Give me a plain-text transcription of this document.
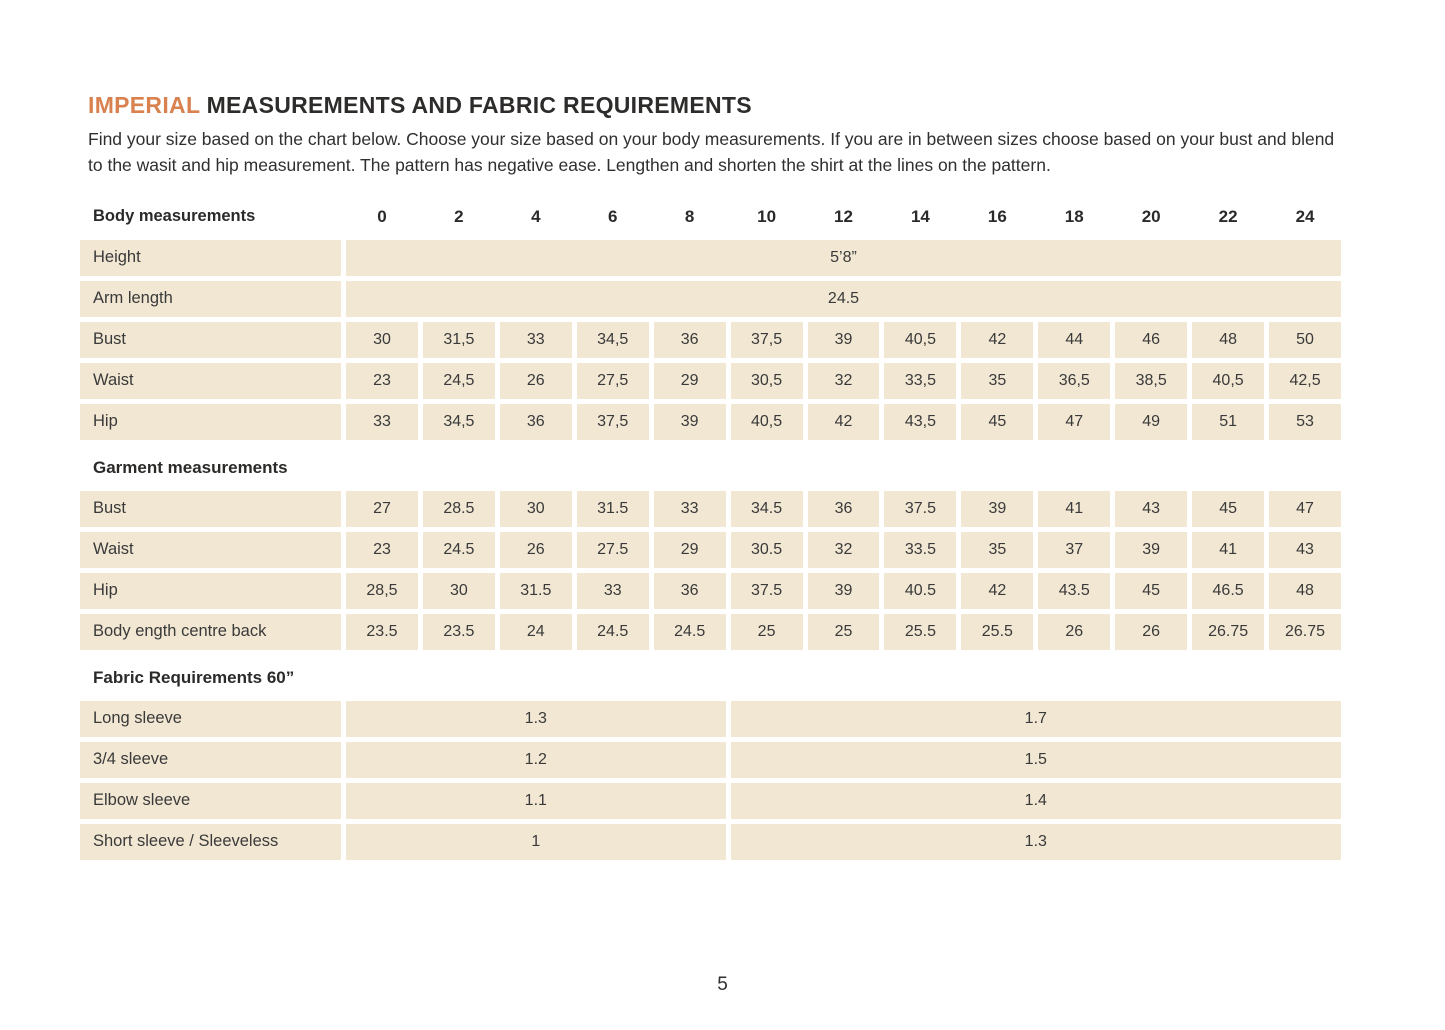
IMPERIAL MEASUREMENTS AND FABRIC REQUIREMENTS

Find your size based on the chart below. Choose your size based on your body measurements. If you are in between sizes choose based on your bust and blend to the wasit and hip measurement. The pattern has negative ease. Lengthen and shorten the shirt at the lines on the pattern.

Body measurements	0	2	4	6	8	10	12	14	16	18	20	22	24
Height	5’8”
Arm length	24.5
Bust	30	31,5	33	34,5	36	37,5	39	40,5	42	44	46	48	50
Waist	23	24,5	26	27,5	29	30,5	32	33,5	35	36,5	38,5	40,5	42,5
Hip	33	34,5	36	37,5	39	40,5	42	43,5	45	47	49	51	53
Garment measurements
Bust	27	28.5	30	31.5	33	34.5	36	37.5	39	41	43	45	47
Waist	23	24.5	26	27.5	29	30.5	32	33.5	35	37	39	41	43
Hip	28,5	30	31.5	33	36	37.5	39	40.5	42	43.5	45	46.5	48
Body ength centre back	23.5	23.5	24	24.5	24.5	25	25	25.5	25.5	26	26	26.75	26.75
Fabric Requirements 60”
Long sleeve	1.3	1.7
3/4 sleeve	1.2	1.5
Elbow sleeve	1.1	1.4
Short sleeve / Sleeveless	1	1.3
5
